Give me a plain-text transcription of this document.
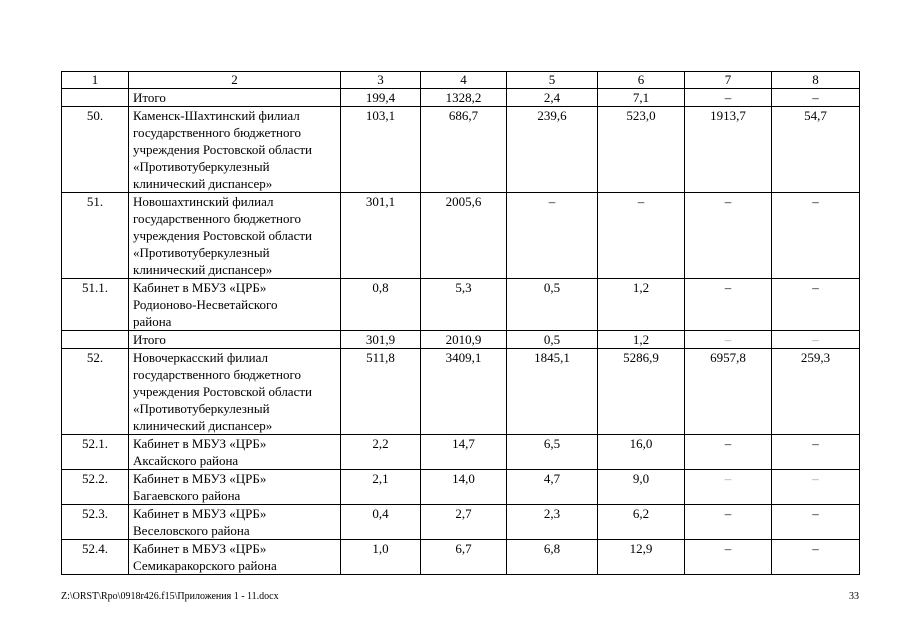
1	2	3	4	5	6	7	8

	Итого	199,4	1328,2	2,4	7,1	–	–
50.	Каменск-Шахтинский филиал
государственного бюджетного
учреждения Ростовской области
«Противотуберкулезный
клинический диспансер»	103,1	686,7	239,6	523,0	1913,7	54,7
51.	Новошахтинский филиал
государственного бюджетного
учреждения Ростовской области
«Противотуберкулезный
клинический диспансер»	301,1	2005,6	–	–	–	–
51.1.	Кабинет в МБУЗ «ЦРБ»
Родионово-Несветайского
района	0,8	5,3	0,5	1,2	–	–

	Итого	301,9	2010,9	0,5	1,2	–	–
52.	Новочеркасский филиал
государственного бюджетного
учреждения Ростовской области
«Противотуберкулезный
клинический диспансер»	511,8	3409,1	1845,1	5286,9	6957,8	259,3
52.1.	Кабинет в МБУЗ «ЦРБ»
Аксайского района	2,2	14,7	6,5	16,0	–	–
52.2.	Кабинет в МБУЗ «ЦРБ»
Багаевского района	2,1	14,0	4,7	9,0	–	–
52.3.	Кабинет в МБУЗ «ЦРБ»
Веселовского района	0,4	2,7	2,3	6,2	–	–
52.4.	Кабинет в МБУЗ «ЦРБ»
Семикаракорского района	1,0	6,7	6,8	12,9	–	–
Z:\ORST\Rpo\0918r426.f15\Приложения 1 - 11.docx	33
